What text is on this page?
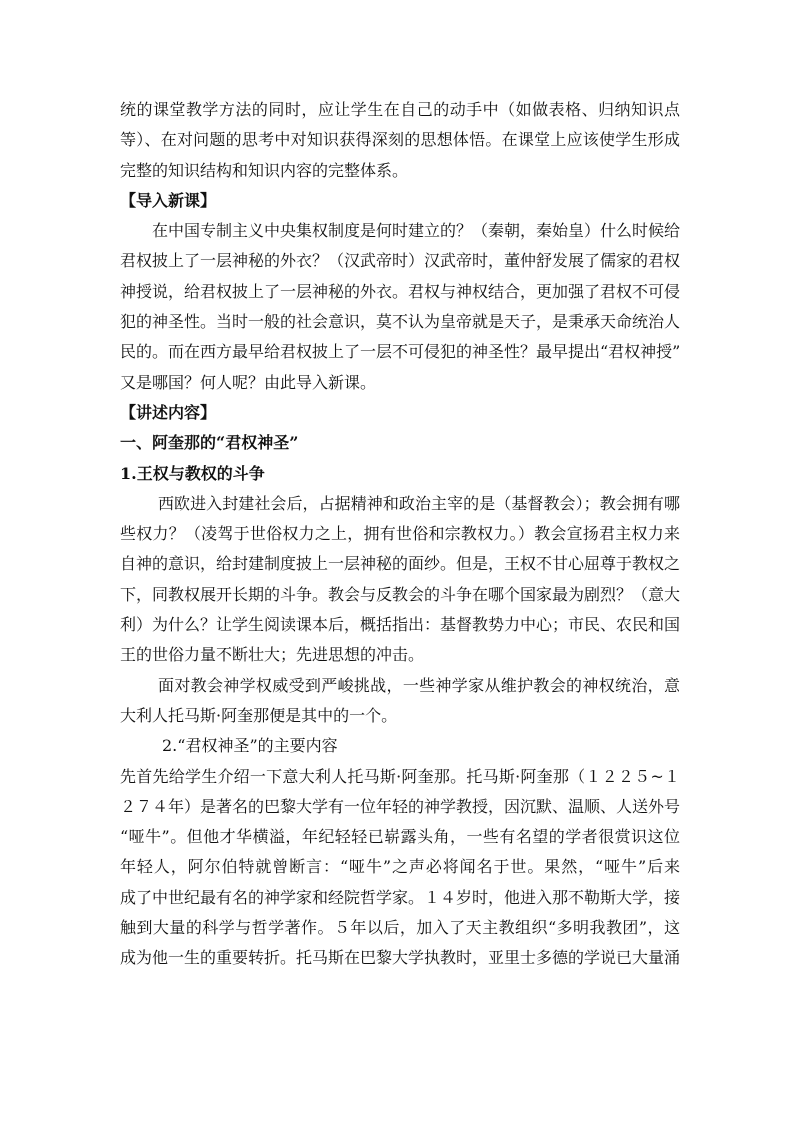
统的课堂教学方法的同时，应让学生在自己的动手中（如做表格、归纳知识点
等）、在对问题的思考中对知识获得深刻的思想体悟。在课堂上应该使学生形成
完整的知识结构和知识内容的完整体系。
【导入新课】
在中国专制主义中央集权制度是何时建立的？（秦朝，秦始皇）什么时候给
君权披上了一层神秘的外衣？（汉武帝时）汉武帝时，董仲舒发展了儒家的君权
神授说，给君权披上了一层神秘的外衣。君权与神权结合，更加强了君权不可侵
犯的神圣性。当时一般的社会意识，莫不认为皇帝就是天子，是秉承天命统治人
民的。而在西方最早给君权披上了一层不可侵犯的神圣性？最早提出“君权神授”
又是哪国？何人呢？由此导入新课。
【讲述内容】
一、阿奎那的“君权神圣”
1.王权与教权的斗争
西欧进入封建社会后，占据精神和政治主宰的是（基督教会）；教会拥有哪
些权力？（凌驾于世俗权力之上，拥有世俗和宗教权力。）教会宣扬君主权力来
自神的意识，给封建制度披上一层神秘的面纱。但是，王权不甘心屈尊于教权之
下，同教权展开长期的斗争。教会与反教会的斗争在哪个国家最为剧烈？（意大
利）为什么？让学生阅读课本后，概括指出：基督教势力中心；市民、农民和国
王的世俗力量不断壮大；先进思想的冲击。
面对教会神学权威受到严峻挑战，一些神学家从维护教会的神权统治，意
大利人托马斯·阿奎那便是其中的一个。
2.“君权神圣”的主要内容
先首先给学生介绍一下意大利人托马斯·阿奎那。托马斯·阿奎那（１２２５~１
２７４年）是著名的巴黎大学有一位年轻的神学教授，因沉默、温顺、人送外号
“哑牛”。但他才华横溢，年纪轻轻已崭露头角，一些有名望的学者很赏识这位
年轻人，阿尔伯特就曾断言：“哑牛”之声必将闻名于世。果然，“哑牛”后来
成了中世纪最有名的神学家和经院哲学家。１４岁时，他进入那不勒斯大学，接
触到大量的科学与哲学著作。５年以后，加入了天主教组织“多明我教团”，这
成为他一生的重要转折。托马斯在巴黎大学执教时，亚里士多德的学说已大量涌
